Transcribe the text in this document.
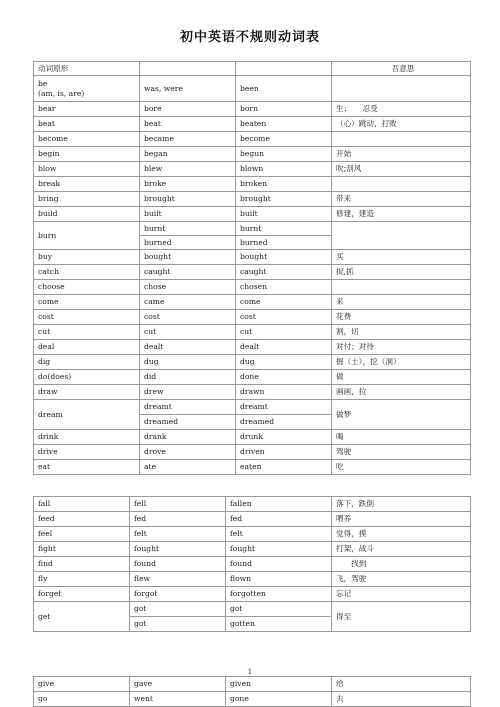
初中英语不规则动词表
动词原形			吾意思

be
(am, is, are)	was, were	been	
bear	bore	born	生；　　忍受
beat	beat	beaten	（心）跳动，打败
become	became	become	
begin	began	begun	开始
blow	blew	blown	吹;刮风
break	broke	broken	
bring	brought	brought	带来
build	built	built	修建，建造
burn	burnt	burnt	
	burned	burned	
buy	bought	bought	买
catch	caught	caught	捉,抓
choose	chose	chosen	
come	came	come	来
cost	cost	cost	花费
cut	cut	cut	割，切
deal	dealt	dealt	对付；对待
dig	dug	dug	掘（土），挖（洞）
do(does)	did	done	做
draw	drew	drawn	画画，拉
dream	dreamt	dreamt	做梦
	dreamed	dreamed	
drink	drank	drunk	喝
drive	drove	driven	驾驶
eat	ate	eaten	吃
fall	fell	fallen	落下，跌倒
feed	fed	fed	喂养
feel	felt	felt	觉得，摸
fight	fought	fought	打架，战斗
find	found	found	　　找到
fly	flew	flown	飞，驾驶
forget	forgot	forgotten	忘记
get	got	got	得至
	got	gotten	
1
give	gave	given	给
go	went	gone	去
